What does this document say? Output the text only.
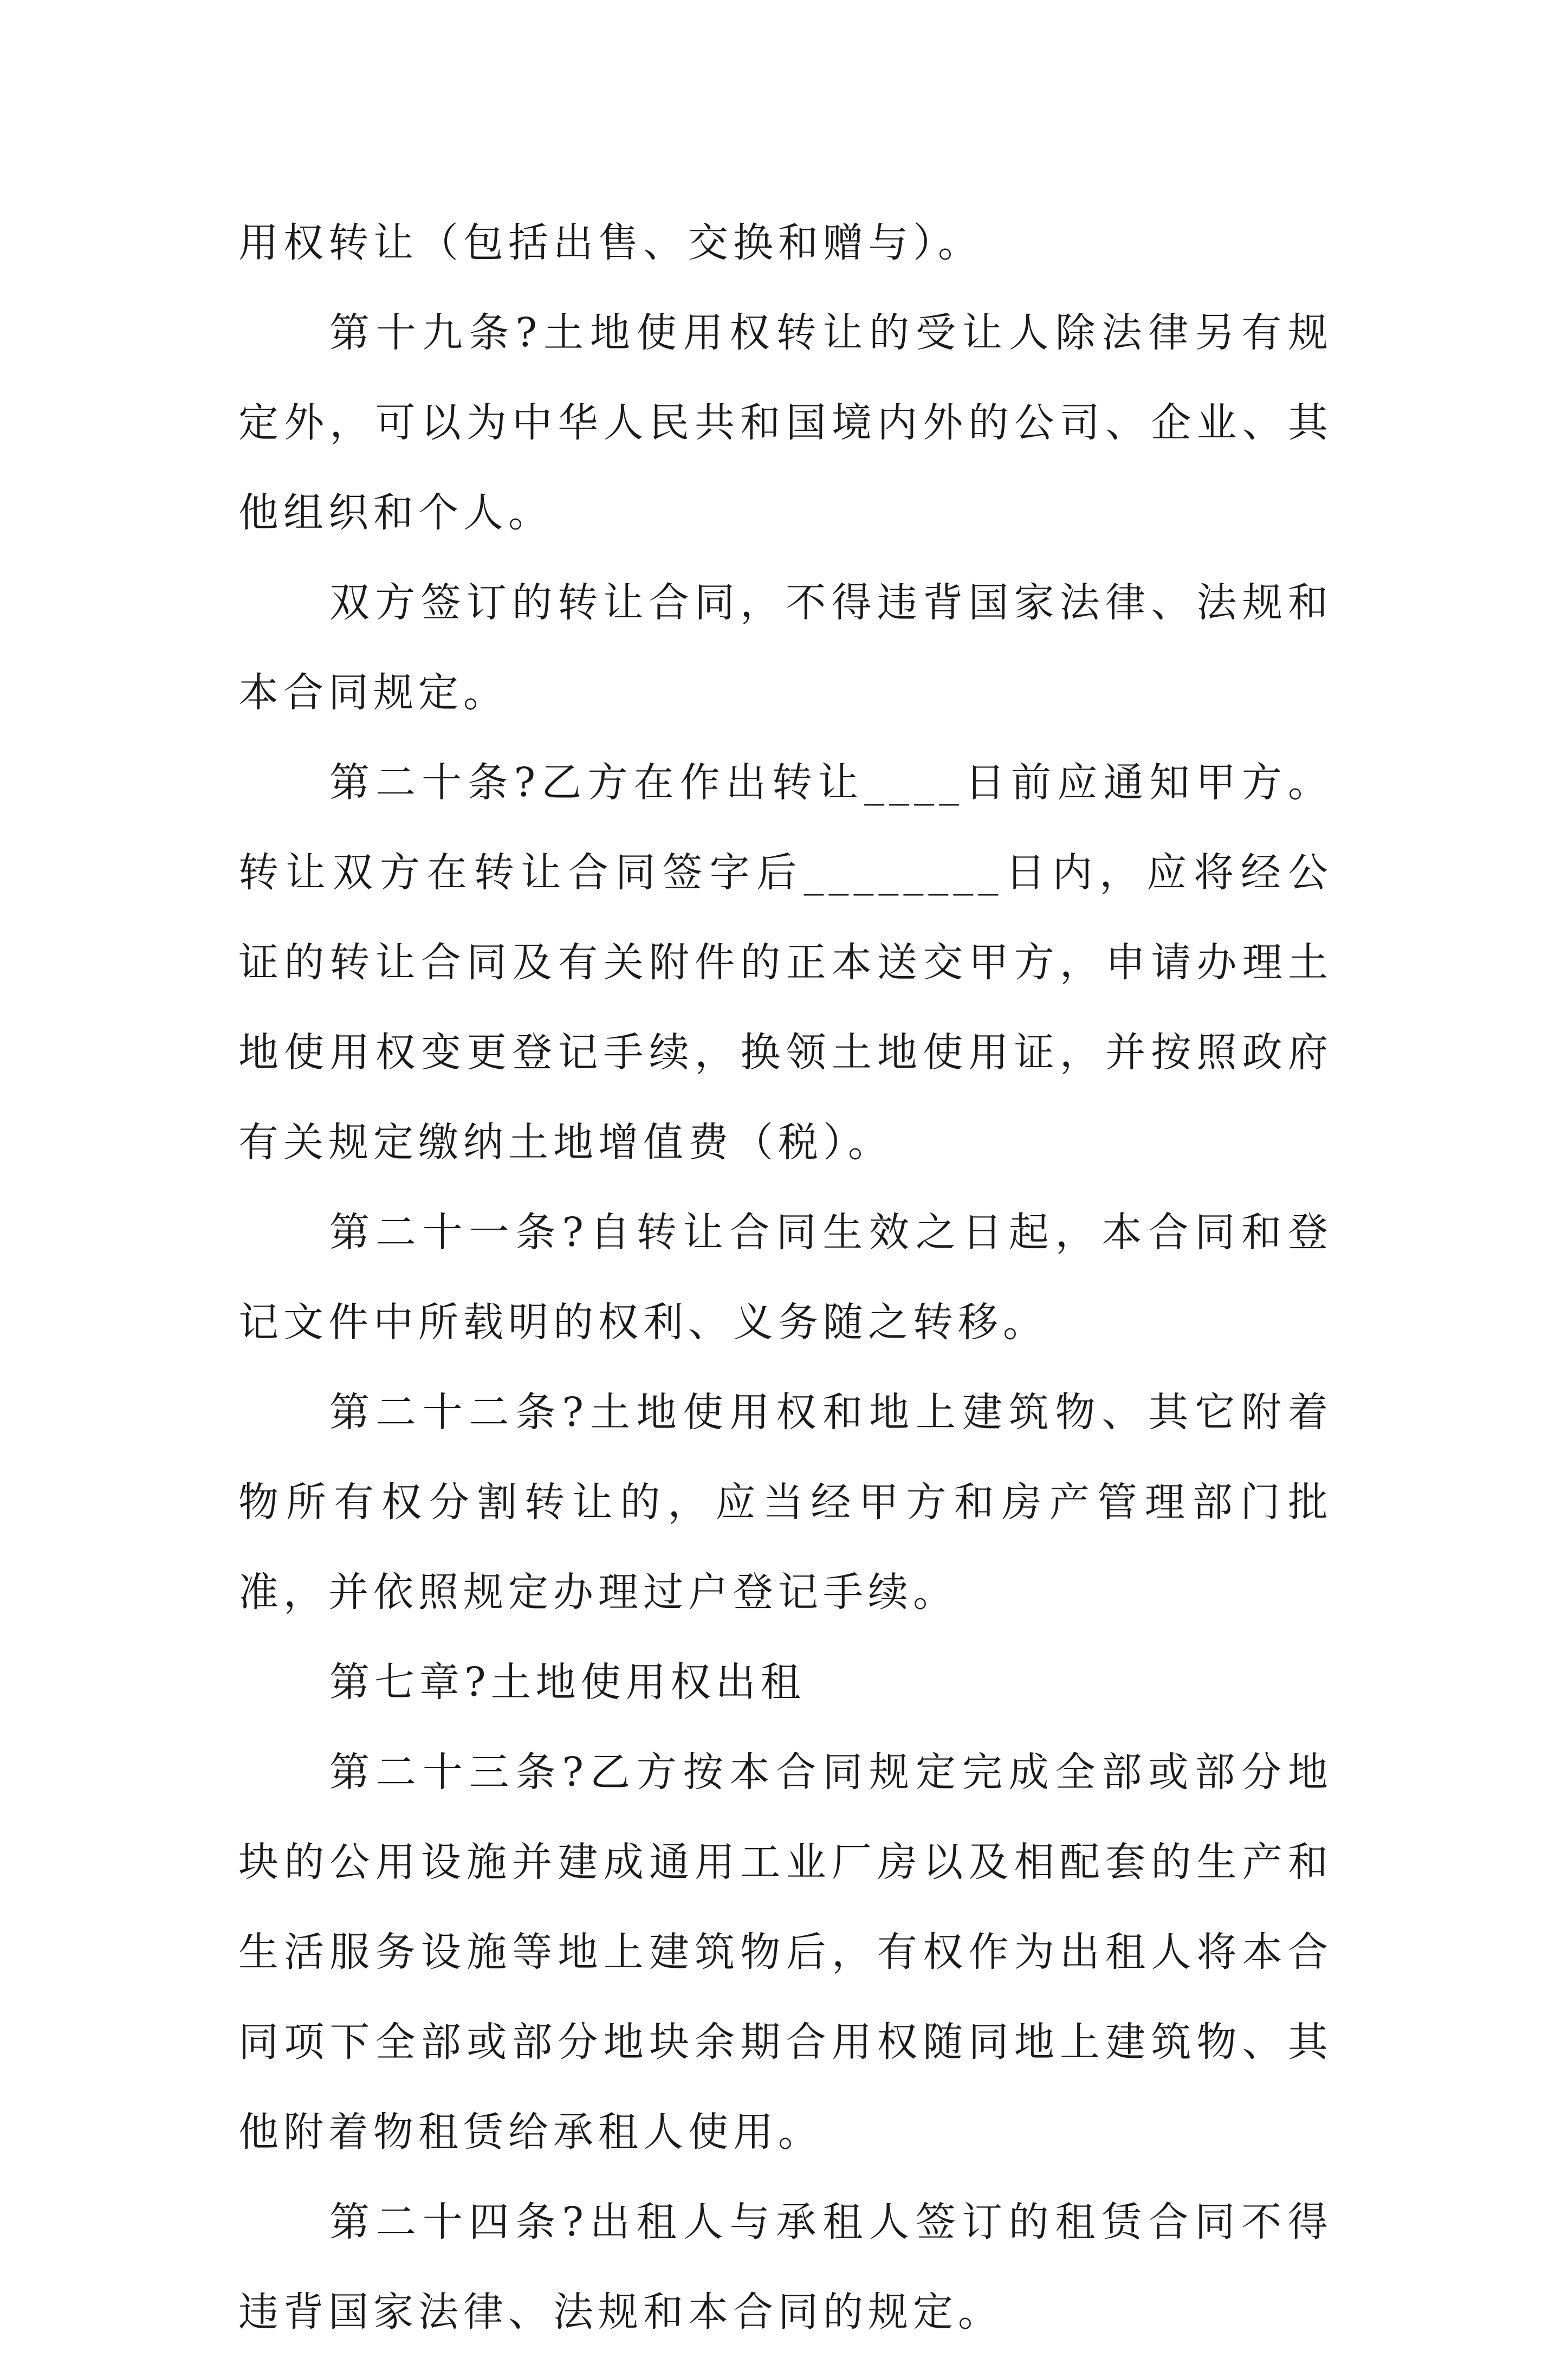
用权转让（包括出售、交换和赠与）。

第十九条?土地使用权转让的受让人除法律另有规定外，可以为中华人民共和国境内外的公司、企业、其他组织和个人。

双方签订的转让合同，不得违背国家法律、法规和本合同规定。

第二十条?乙方在作出转让____日前应通知甲方。转让双方在转让合同签字后________日内，应将经公证的转让合同及有关附件的正本送交甲方，申请办理土地使用权变更登记手续，换领土地使用证，并按照政府有关规定缴纳土地增值费（税）。

第二十一条?自转让合同生效之日起，本合同和登记文件中所载明的权利、义务随之转移。

第二十二条?土地使用权和地上建筑物、其它附着物所有权分割转让的，应当经甲方和房产管理部门批准，并依照规定办理过户登记手续。

第七章?土地使用权出租

第二十三条?乙方按本合同规定完成全部或部分地块的公用设施并建成通用工业厂房以及相配套的生产和生活服务设施等地上建筑物后，有权作为出租人将本合同项下全部或部分地块余期合用权随同地上建筑物、其他附着物租赁给承租人使用。

第二十四条?出租人与承租人签订的租赁合同不得违背国家法律、法规和本合同的规定。
